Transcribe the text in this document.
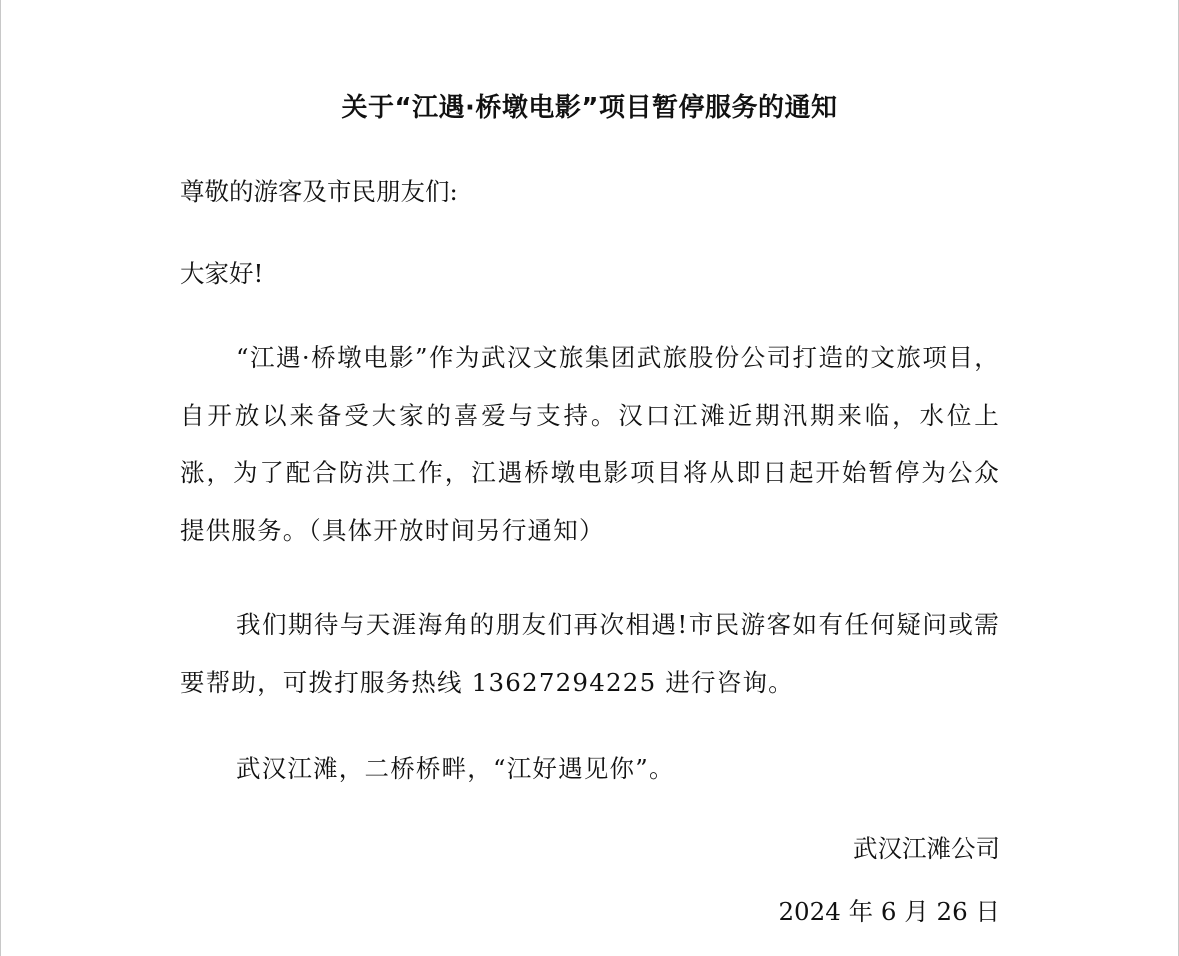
关于“江遇·桥墩电影”项目暂停服务的通知

尊敬的游客及市民朋友们:

大家好!

“江遇·桥墩电影”作为武汉文旅集团武旅股份公司打造的文旅项目，自开放以来备受大家的喜爱与支持。汉口江滩近期汛期来临，水位上涨，为了配合防洪工作，江遇桥墩电影项目将从即日起开始暂停为公众提供服务。（具体开放时间另行通知）

我们期待与天涯海角的朋友们再次相遇!市民游客如有任何疑问或需要帮助，可拨打服务热线 13627294225 进行咨询。

武汉江滩，二桥桥畔，“江好遇见你”。

武汉江滩公司

2024 年 6 月 26 日
